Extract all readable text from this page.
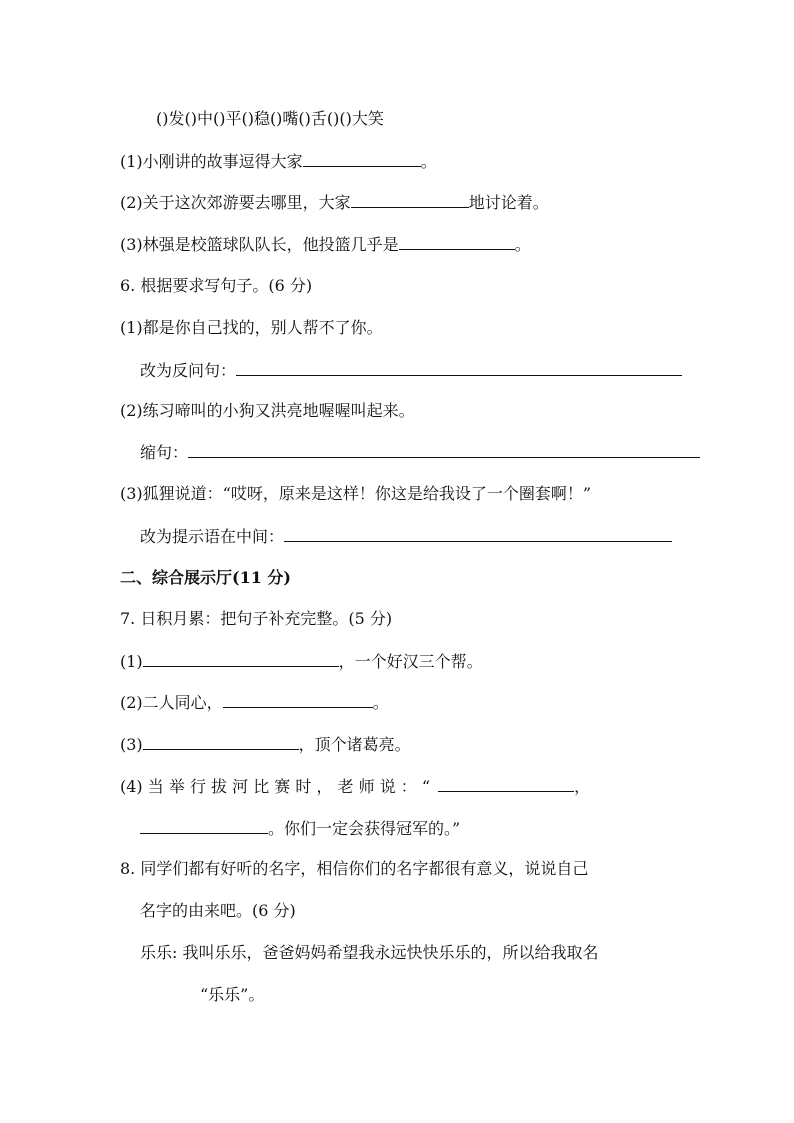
()发()中()平()稳()嘴()舌()()大笑
(1)小刚讲的故事逗得大家	。
(2)关于这次郊游要去哪里，大家	地讨论着。
(3)林强是校篮球队队长，他投篮几乎是	。
6. 根据要求写句子。(6 分)
(1)都是你自己找的，别人帮不了你。
改为反问句：
(2)练习啼叫的小狗又洪亮地喔喔叫起来。
缩句：
(3)狐狸说道：“哎呀，原来是这样！你这是给我设了一个圈套啊！”
改为提示语在中间：
二、综合展示厅(11 分)
7. 日积月累：把句子补充完整。(5 分)
(1)	，一个好汉三个帮。
(2)二人同心，	。
(3)	，顶个诸葛亮。
(4) 当 举 行 拔 河 比 赛 时 ， 老 师 说 ： “	，
。你们一定会获得冠军的。”
8. 同学们都有好听的名字，相信你们的名字都很有意义，说说自己
名字的由来吧。(6 分)
乐乐: 我叫乐乐，爸爸妈妈希望我永远快快乐乐的，所以给我取名
“乐乐”。
